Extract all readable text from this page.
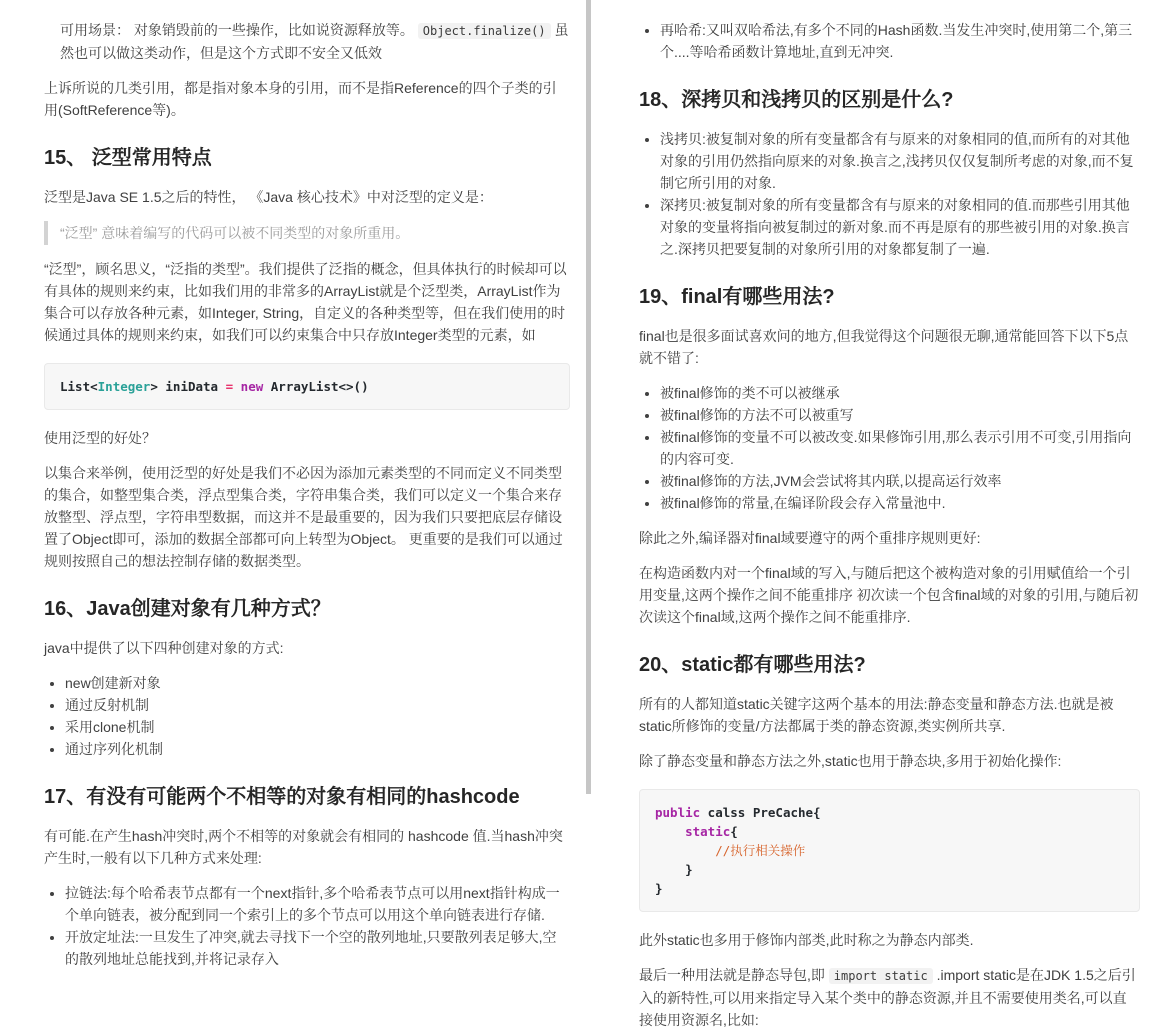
可用场景： 对象销毁前的一些操作，比如说资源释放等。 Object.finalize() 虽然也可以做这类动作，但是这个方式即不安全又低效

上诉所说的几类引用，都是指对象本身的引用，而不是指Reference的四个子类的引用(SoftReference等)。

15、 泛型常用特点

泛型是Java SE 1.5之后的特性， 《Java 核心技术》中对泛型的定义是：

“泛型” 意味着编写的代码可以被不同类型的对象所重用。

“泛型”，顾名思义，“泛指的类型”。我们提供了泛指的概念，但具体执行的时候却可以有具体的规则来约束，比如我们用的非常多的ArrayList就是个泛型类，ArrayList作为集合可以存放各种元素，如Integer, String，自定义的各种类型等，但在我们使用的时候通过具体的规则来约束，如我们可以约束集合中只存放Integer类型的元素，如

List<Integer> iniData = new ArrayList<>()

使用泛型的好处？

以集合来举例，使用泛型的好处是我们不必因为添加元素类型的不同而定义不同类型的集合，如整型集合类，浮点型集合类，字符串集合类，我们可以定义一个集合来存放整型、浮点型，字符串型数据，而这并不是最重要的，因为我们只要把底层存储设置了Object即可，添加的数据全部都可向上转型为Object。 更重要的是我们可以通过规则按照自己的想法控制存储的数据类型。

16、Java创建对象有几种方式？

java中提供了以下四种创建对象的方式:

• new创建新对象
• 通过反射机制
• 采用clone机制
• 通过序列化机制
17、有没有可能两个不相等的对象有相同的hashcode

有可能.在产生hash冲突时,两个不相等的对象就会有相同的 hashcode 值.当hash冲突产生时,一般有以下几种方式来处理:

• 拉链法:每个哈希表节点都有一个next指针,多个哈希表节点可以用next指针构成一个单向链表，被分配到同一个索引上的多个节点可以用这个单向链表进行存储.
• 开放定址法:一旦发生了冲突,就去寻找下一个空的散列地址,只要散列表足够大,空的散列地址总能找到,并将记录存入
• 再哈希:又叫双哈希法,有多个不同的Hash函数.当发生冲突时,使用第二个,第三个....等哈希函数计算地址,直到无冲突.
18、深拷贝和浅拷贝的区别是什么?
• 浅拷贝:被复制对象的所有变量都含有与原来的对象相同的值,而所有的对其他对象的引用仍然指向原来的对象.换言之,浅拷贝仅仅复制所考虑的对象,而不复制它所引用的对象.
• 深拷贝:被复制对象的所有变量都含有与原来的对象相同的值.而那些引用其他对象的变量将指向被复制过的新对象.而不再是原有的那些被引用的对象.换言之.深拷贝把要复制的对象所引用的对象都复制了一遍.
19、final有哪些用法?

final也是很多面试喜欢问的地方,但我觉得这个问题很无聊,通常能回答下以下5点就不错了:

• 被final修饰的类不可以被继承
• 被final修饰的方法不可以被重写
• 被final修饰的变量不可以被改变.如果修饰引用,那么表示引用不可变,引用指向的内容可变.
• 被final修饰的方法,JVM会尝试将其内联,以提高运行效率
• 被final修饰的常量,在编译阶段会存入常量池中.

除此之外,编译器对final域要遵守的两个重排序规则更好:

在构造函数内对一个final域的写入,与随后把这个被构造对象的引用赋值给一个引用变量,这两个操作之间不能重排序 初次读一个包含final域的对象的引用,与随后初次读这个final域,这两个操作之间不能重排序.

20、static都有哪些用法?

所有的人都知道static关键字这两个基本的用法:静态变量和静态方法.也就是被static所修饰的变量/方法都属于类的静态资源,类实例所共享.

除了静态变量和静态方法之外,static也用于静态块,多用于初始化操作:

public calss PreCache{
static{
//执行相关操作
}
}

此外static也多用于修饰内部类,此时称之为静态内部类.

最后一种用法就是静态导包,即 import static .import static是在JDK 1.5之后引入的新特性,可以用来指定导入某个类中的静态资源,并且不需要使用类名,可以直接使用资源名,比如:
